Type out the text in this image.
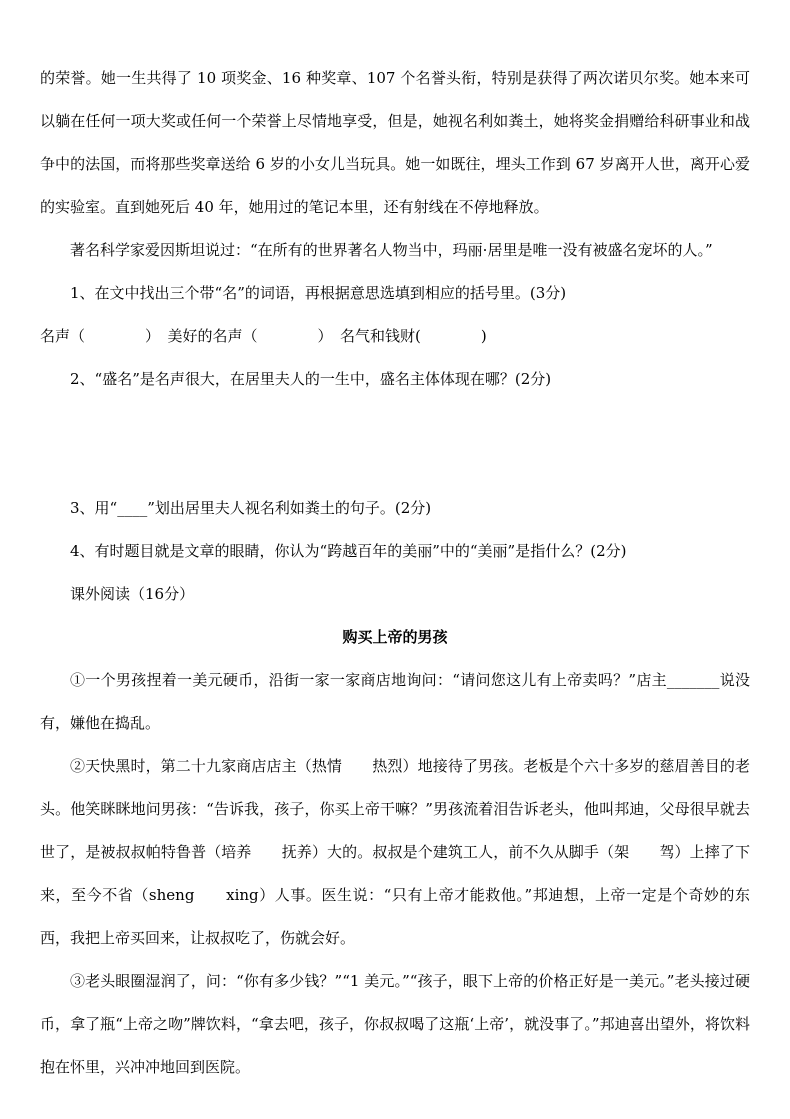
的荣誉。她一生共得了 10 项奖金、16 种奖章、107 个名誉头衔，特别是获得了两次诺贝尔奖。她本来可以躺在任何一项大奖或任何一个荣誉上尽情地享受，但是，她视名利如粪土，她将奖金捐赠给科研事业和战争中的法国，而将那些奖章送给 6 岁的小女儿当玩具。她一如既往，埋头工作到 67 岁离开人世，离开心爱的实验室。直到她死后 40 年，她用过的笔记本里，还有射线在不停地释放。

著名科学家爱因斯坦说过：“在所有的世界著名人物当中，玛丽·居里是唯一没有被盛名宠坏的人。”

1、在文中找出三个带“名”的词语，再根据意思选填到相应的括号里。(3分)

名声（　　　　）　美好的名声（　　　　）　名气和钱财(　　　　)

2、“盛名”是名声很大，在居里夫人的一生中，盛名主体体现在哪？(2分)

3、用“____”划出居里夫人视名利如粪土的句子。(2分)

4、有时题目就是文章的眼睛，你认为“跨越百年的美丽”中的“美丽”是指什么？(2分)

课外阅读（16分）

购买上帝的男孩

①一个男孩捏着一美元硬币，沿街一家一家商店地询问：“请问您这儿有上帝卖吗？”店主_______说没有，嫌他在捣乱。

②天快黑时，第二十九家商店店主（热情　　热烈）地接待了男孩。老板是个六十多岁的慈眉善目的老头。他笑眯眯地问男孩：“告诉我，孩子，你买上帝干嘛？”男孩流着泪告诉老头，他叫邦迪，父母很早就去世了，是被叔叔帕特鲁普（培养　　抚养）大的。叔叔是个建筑工人，前不久从脚手（架　　驾）上摔了下来，至今不省（sheng　　xing）人事。医生说：“只有上帝才能救他。”邦迪想，上帝一定是个奇妙的东西，我把上帝买回来，让叔叔吃了，伤就会好。

③老头眼圈湿润了，问：“你有多少钱？”“1 美元。”“孩子，眼下上帝的价格正好是一美元。”老头接过硬币，拿了瓶“上帝之吻”牌饮料，“拿去吧，孩子，你叔叔喝了这瓶‘上帝’，就没事了。”邦迪喜出望外，将饮料抱在怀里，兴冲冲地回到医院。
